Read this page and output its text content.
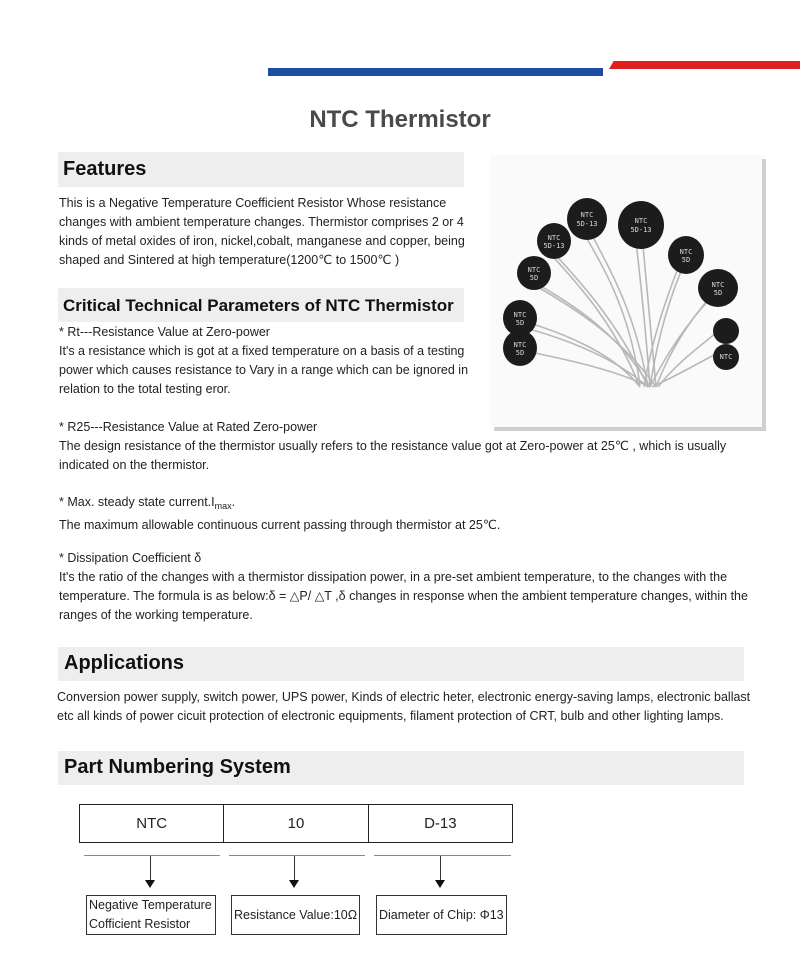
NTC Thermistor
Features
This is a Negative Temperature Coefficient Resistor Whose resistance
changes with ambient temperature changes. Thermistor comprises 2 or 4
kinds of metal oxides of iron, nickel,cobalt, manganese and copper, being
shaped and Sintered at high temperature(1200℃ to 1500℃ )
NTC
5D-13	NTC
5D-13
NTC
5D-13
NTC
5D
NTC
5D
NTC
5D
NTC
5D
NTC
5D	NTC
Critical Technical Parameters of NTC Thermistor
* Rt---Resistance Value at Zero-power
It's a resistance which is got at a fixed temperature on a basis of a testing
power which causes resistance to Vary in a range which can be ignored in
relation to the total testing eror.
* R25---Resistance Value at Rated Zero-power
The design resistance of the thermistor usually refers to the resistance value got at Zero-power at 25℃ , which is usually
indicated on the thermistor.
* Max. steady state $current.I_{max}$.
The maximum allowable continuous current passing through thermistor at 25℃.
* Dissipation Coefficient δ
It's the ratio of the changes with a thermistor dissipation power, in a pre-set ambient temperature, to the changes with the
temperature. The formula is as below:δ = △P/ △T ,δ changes in response when the ambient temperature changes, within the
ranges of the working temperature.
Applications
Conversion power supply, switch power, UPS power, Kinds of electric heter, electronic energy-saving lamps, electronic ballast
etc all kinds of power cicuit protection of electronic equipments, filament protection of CRT, bulb and other lighting lamps.
Part Numbering System
NTC	10	D-13
Negative Temperature
Cofficient Resistor
Resistance Value:10Ω Diameter of Chip: Φ13
